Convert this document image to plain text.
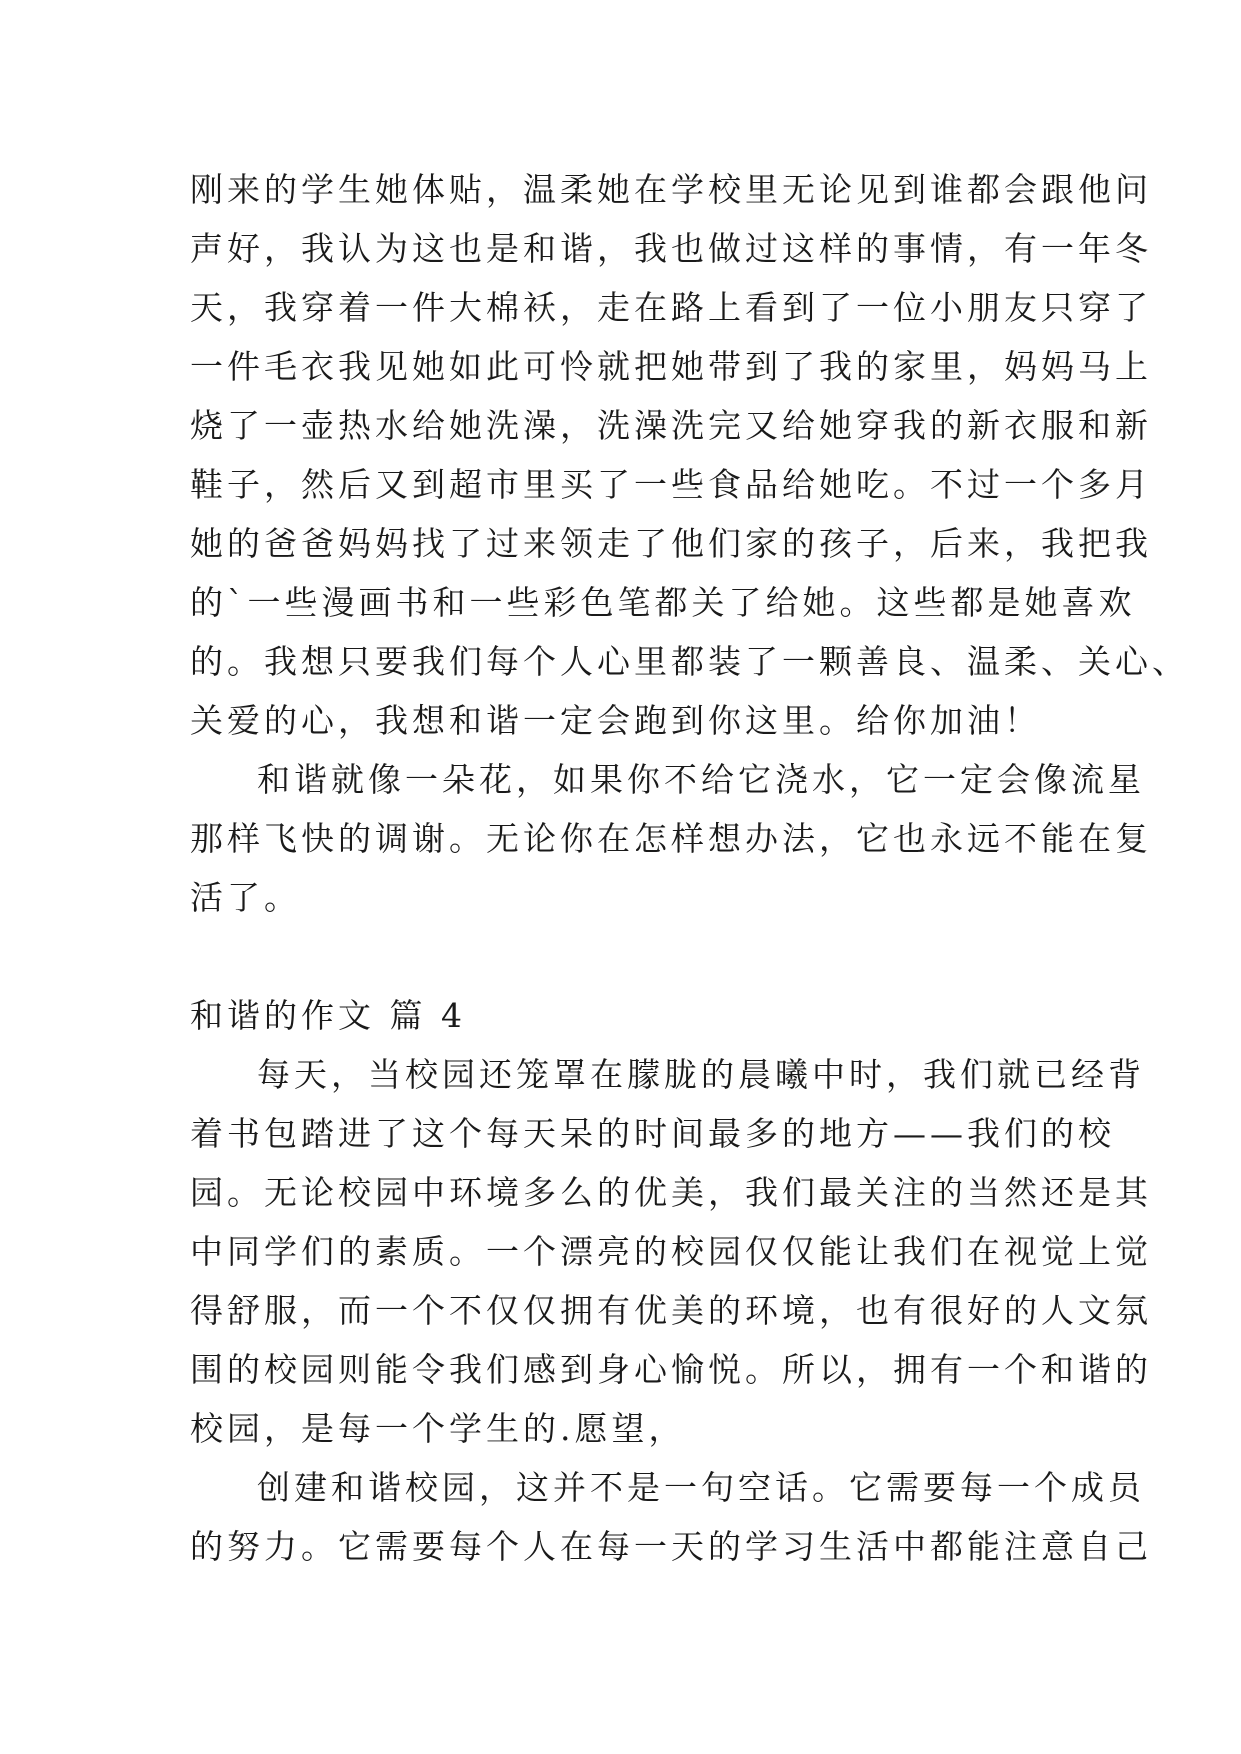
刚来的学生她体贴，温柔她在学校里无论见到谁都会跟他问
声好，我认为这也是和谐，我也做过这样的事情，有一年冬
天，我穿着一件大棉袄，走在路上看到了一位小朋友只穿了
一件毛衣我见她如此可怜就把她带到了我的家里，妈妈马上
烧了一壶热水给她洗澡，洗澡洗完又给她穿我的新衣服和新
鞋子，然后又到超市里买了一些食品给她吃。不过一个多月
她的爸爸妈妈找了过来领走了他们家的孩子，后来，我把我
的`一些漫画书和一些彩色笔都关了给她。这些都是她喜欢
的。我想只要我们每个人心里都装了一颗善良、温柔、关心、
关爱的心，我想和谐一定会跑到你这里。给你加油！
和谐就像一朵花，如果你不给它浇水，它一定会像流星
那样飞快的调谢。无论你在怎样想办法，它也永远不能在复
活了。
和谐的作文 篇 4
每天，当校园还笼罩在朦胧的晨曦中时，我们就已经背
着书包踏进了这个每天呆的时间最多的地方——我们的校
园。无论校园中环境多么的优美，我们最关注的当然还是其
中同学们的素质。一个漂亮的校园仅仅能让我们在视觉上觉
得舒服，而一个不仅仅拥有优美的环境，也有很好的人文氛
围的校园则能令我们感到身心愉悦。所以，拥有一个和谐的
校园，是每一个学生的.愿望，
创建和谐校园，这并不是一句空话。它需要每一个成员
的努力。它需要每个人在每一天的学习生活中都能注意自己
